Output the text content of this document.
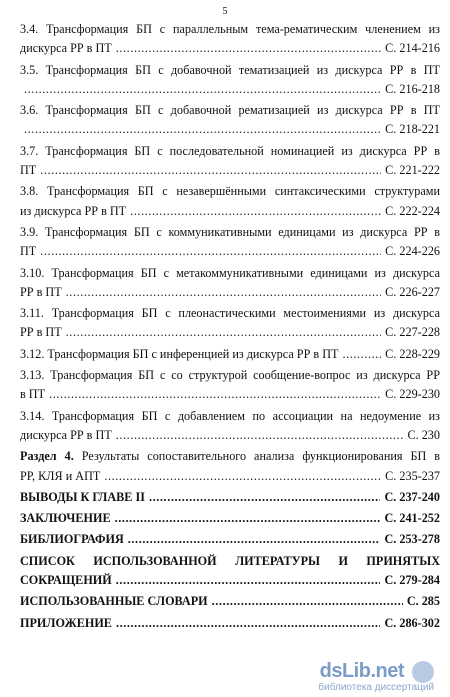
5
3.4. Трансформация БП с параллельным тема-рематическим членением из
дискурса РР в ПТ .....	С. 214-216
3.5. Трансформация БП с добавочной тематизацией из дискурса РР в ПТ
.....
С. 216-218
3.6. Трансформация БП с добавочной рематизацией из дискурса РР в ПТ
.....
С. 218-221
3.7. Трансформация БП с последовательной номинацией из дискурса РР в
ПТ .....	С. 221-222
3.8. Трансформация БП с незавершёнными синтаксическими структурами
из дискурса РР в ПТ .....	С. 222-224
3.9. Трансформация БП с коммуникативными единицами из дискурса РР в
ПТ .....	С. 224-226
3.10. Трансформация БП с метакоммуникативными единицами из дискурса
РР в ПТ .....	С. 226-227
3.11. Трансформация БП с плеонастическими местоимениями из дискурса
РР в ПТ .....	С. 227-228
3.12. Трансформация БП с инференцией из дискурса РР в ПТ .....	С. 228-229
3.13. Трансформация БП с со структурой сообщение-вопрос из дискурса РР
в ПТ .....	С. 229-230
3.14. Трансформация БП с добавлением по ассоциации на недоумение из
дискурса РР в ПТ .....	С. 230
Раздел 4. Результаты сопоставительного анализа функционирования БП в
РР, КЛЯ и АПТ .....	С. 235-237
ВЫВОДЫ К ГЛАВЕ II .....	С. 237-240
ЗАКЛЮЧЕНИЕ .....	С. 241-252
БИБЛИОГРАФИЯ .....	С. 253-278
СПИСОК ИСПОЛЬЗОВАННОЙ ЛИТЕРАТУРЫ И ПРИНЯТЫХ
СОКРАЩЕНИЙ .....	С. 279-284
ИСПОЛЬЗОВАННЫЕ СЛОВАРИ .....	С. 285
ПРИЛОЖЕНИЕ .....	С. 286-302
dsLib.net
библиотека диссертаций
